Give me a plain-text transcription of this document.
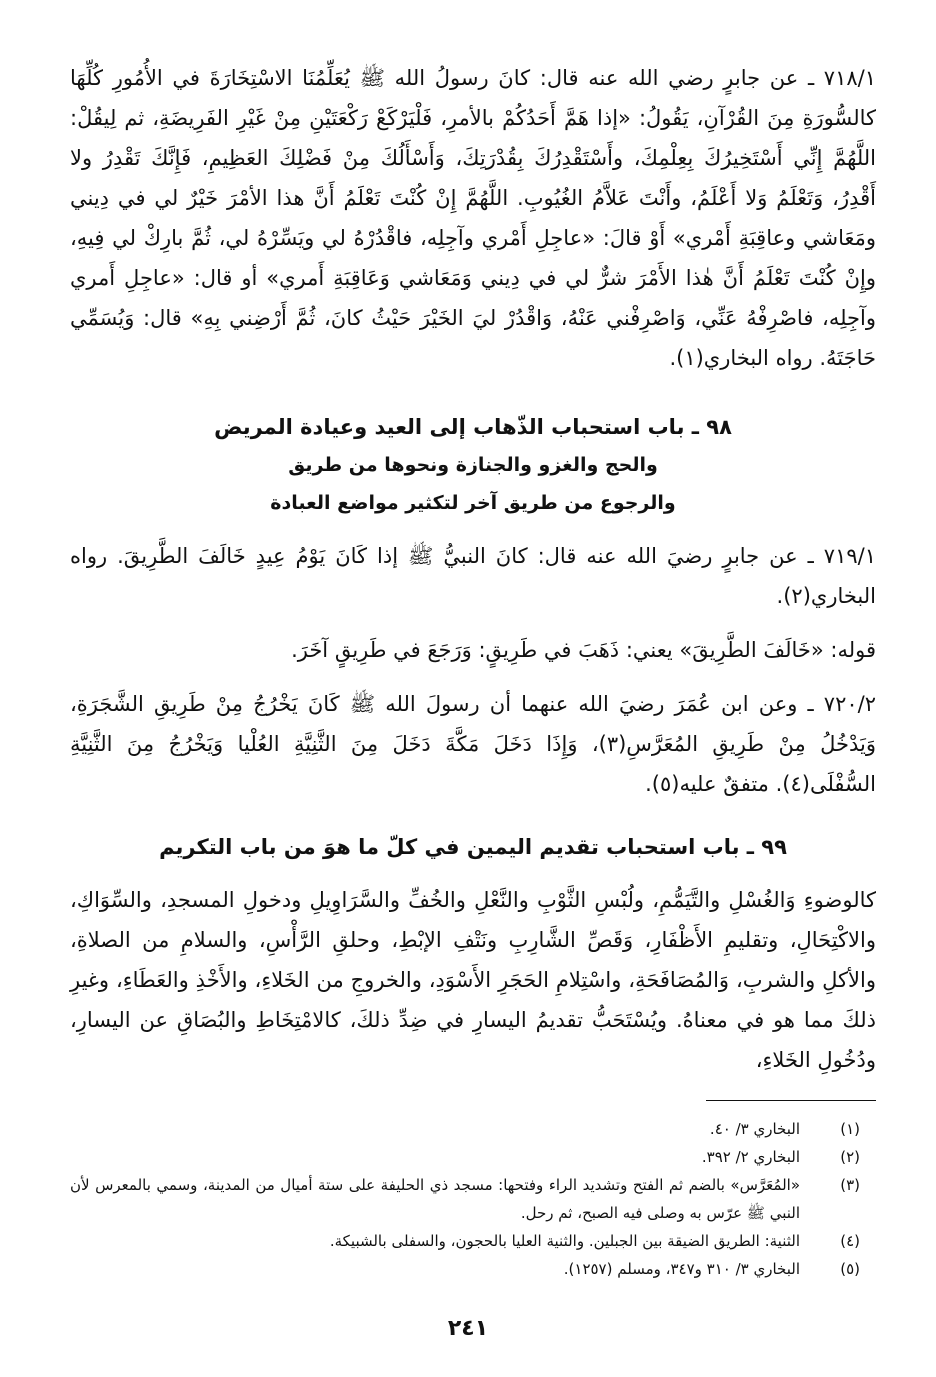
٧١٨/١ ـ عن جابرٍ رضي الله عنه قال: كانَ رسولُ الله ﷺ يُعَلِّمُنَا الاسْتِخَارَةَ في الأُمُورِ كُلِّهَا كالسُّورَةِ مِنَ القُرْآنِ، يَقُولُ: «إذا هَمَّ أَحَدُكُمْ بالأمرِ، فَلْيَرْكَعْ رَكْعَتَيْنِ مِنْ غَيْرِ الفَرِيضَةِ، ثم لِيقُلْ: اللَّهُمَّ إِنِّي أَسْتَخِيرُكَ بِعِلْمِكَ، وأَسْتَقْدِرُكَ بِقُدْرَتِكَ، وَأَسْأَلُكَ مِنْ فَضْلِكَ العَظِيمِ، فَإِنَّكَ تَقْدِرُ ولا أَقْدِرُ، وَتَعْلَمُ وَلا أَعْلَمُ، وأَنْتَ عَلاَّمُ الغُيُوبِ. اللَّهُمَّ إِنْ كُنْتَ تَعْلَمُ أَنَّ هذا الأمْرَ خَيْرٌ لي في دِيني ومَعَاشي وعاقِبَةِ أَمْري» أَوْ قالَ: «عاجِلِ أَمْري وآجِلِه، فاقْدُرْهُ لي ويَسِّرْهُ لي، ثُمَّ بارِكْ لي فِيهِ، وإِنْ كُنْتَ تَعْلَمُ أَنَّ هٰذا الأَمْرَ شرٌّ لي في دِيني وَمَعَاشي وَعَاقِبَةِ أَمري» أو قال: «عاجِلِ أَمري وآجِلِه، فاصْرِفْهُ عَنِّي، وَاصْرِفْني عَنْهُ، وَاقْدُرْ ليَ الخَيْرَ حَيْثُ كانَ، ثُمَّ أَرْضِني بِهِ» قال: وَيُسَمِّي حَاجَتَهُ. رواه البخاري(١).

٩٨ ـ باب استحباب الذّهاب إلى العيد وعيادة المريض

والحج والغزو والجنازة ونحوها من طريق

والرجوع من طريق آخر لتكثير مواضع العبادة

٧١٩/١ ـ عن جابرٍ رضيَ الله عنه قال: كانَ النبيُّ ﷺ إذا كَانَ يَوْمُ عِيدٍ خَالَفَ الطَّرِيقَ. رواه البخاري(٢).

قوله: «خَالَفَ الطَّرِيقَ» يعني: ذَهَبَ في طَرِيقٍ: وَرَجَعَ في طَرِيقٍ آخَرَ.

٧٢٠/٢ ـ وعن ابن عُمَرَ رضيَ الله عنهما أن رسولَ الله ﷺ كَانَ يَخْرُجُ مِنْ طَرِيقِ الشَّجَرَةِ، وَيَدْخُلُ مِنْ طَرِيقِ المُعَرَّسِ(٣)، وَإِذَا دَخَلَ مَكَّةَ دَخَلَ مِنَ الثَّنِيَّةِ العُلْيا وَيَخْرُجُ مِنَ الثَّنِيَّةِ السُّفْلَى(٤). متفقٌ عليه(٥).

٩٩ ـ باب استحباب تقديم اليمين في كلّ ما هوَ من باب التكريم

كالوضوءِ وَالغُسْلِ والتَّيَمُّمِ، ولُبْسِ الثَّوْبِ والنَّعْلِ والخُفِّ والسَّرَاوِيلِ ودخولِ المسجدِ، والسِّوَاكِ، والاكْتِحَالِ، وتقليمِ الأَظْفَارِ، وَقَصِّ الشَّارِبِ ونَتْفِ الإبْطِ، وحلقِ الرَّأْسِ، والسلامِ من الصلاةِ، والأكلِ والشربِ، وَالمُصَافَحَةِ، واسْتِلامِ الحَجَرِ الأَسْوَدِ، والخروجِ من الخَلاءِ، والأَخْذِ والعَطَاءِ، وغيرِ ذلكَ مما هو في معناهُ. ويُسْتَحَبُّ تقديمُ اليسارِ في ضِدِّ ذلكَ، كالامْتِخَاطِ والبُصَاقِ عن اليسارِ، ودُخُولِ الخَلاءِ،

(١)
البخاري ٣/ ٤٠.
(٢)
البخاري ٢/ ٣٩٢.
(٣)
«المُعَرَّس» بالضم ثم الفتح وتشديد الراء وفتحها: مسجد ذي الحليفة على ستة أميال من المدينة، وسمي بالمعرس لأن النبي ﷺ عرّس به وصلى فيه الصبح، ثم رحل.
(٤)
الثنية: الطريق الضيقة بين الجبلين. والثنية العليا بالحجون، والسفلى بالشبيكة.
(٥)
البخاري ٣/ ٣١٠ و٣٤٧، ومسلم (١٢٥٧).
٢٤١
